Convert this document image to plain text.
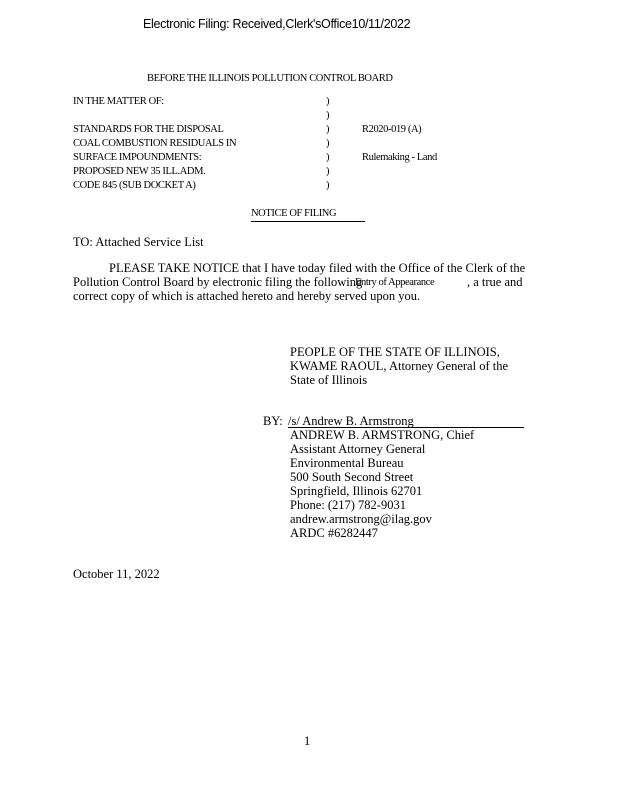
Electronic Filing: Received,Clerk'sOffice10/11/2022
BEFORE THE ILLINOIS POLLUTION CONTROL BOARD
IN THE MATTER OF:
STANDARDS FOR THE DISPOSAL
COAL COMBUSTION RESIDUALS IN
SURFACE IMPOUNDMENTS:
PROPOSED NEW 35 ILL.ADM.
CODE 845 (SUB DOCKET A)
)
)
)
)
)
)
)
R2020-019 (A)
Rulemaking - Land
NOTICE OF FILING
TO: Attached Service List
PLEASE TAKE NOTICE that I have today filed with the Office of the Clerk of the
Pollution Control Board by electronic filing the following
Entry of Appearance	, a true and
correct copy of which is attached hereto and hereby served upon you.
PEOPLE OF THE STATE OF ILLINOIS,
KWAME RAOUL, Attorney General of the
State of Illinois
BY: /s/ Andrew B. Armstrong
ANDREW B. ARMSTRONG, Chief
Assistant Attorney General
Environmental Bureau
500 South Second Street
Springfield, Illinois 62701
Phone: (217) 782-9031
andrew.armstrong@ilag.gov
ARDC #6282447
October 11, 2022
1
